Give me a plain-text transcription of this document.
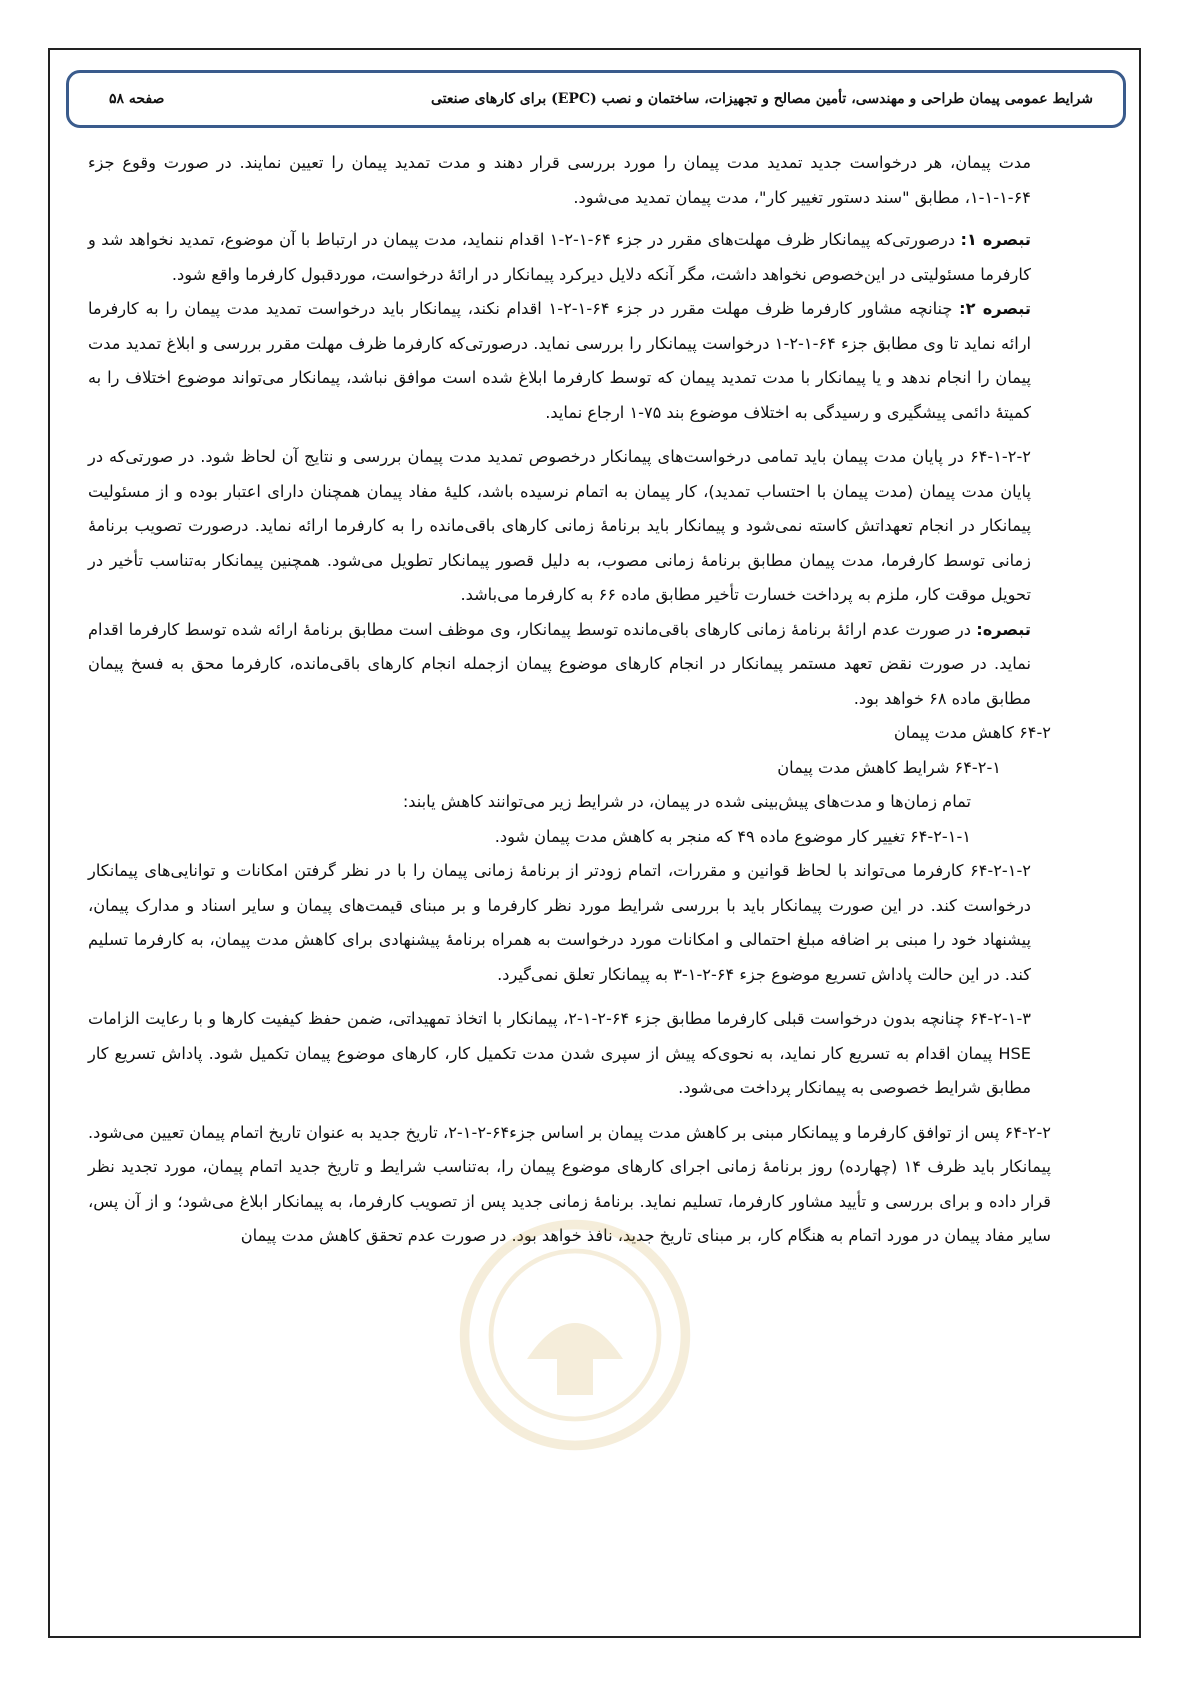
شرایط عمومی پیمان طراحی و مهندسی، تأمین مصالح و تجهیزات، ساختمان و نصب (EPC) برای کارهای صنعتی
صفحه ۵۸

مدت پیمان، هر درخواست جدید تمدید مدت پیمان را مورد بررسی قرار دهند و مدت تمدید پیمان را تعیین نمایند. در صورت وقوع جزء ۶۴-۱-۱-۱، مطابق "سند دستور تغییر کار"، مدت پیمان تمدید می‌شود.

تبصره ۱: درصورتی‌که پیمانکار ظرف مهلت‌های مقرر در جزء ۶۴-۱-۲-۱ اقدام ننماید، مدت پیمان در ارتباط با آن موضوع، تمدید نخواهد شد و کارفرما مسئولیتی در این‌خصوص نخواهد داشت، مگر آنکه دلایل دیرکرد پیمانکار در ارائهٔ درخواست، موردقبول کارفرما واقع شود.

تبصره ۲: چنانچه مشاور کارفرما ظرف مهلت مقرر در جزء ۶۴-۱-۲-۱ اقدام نکند، پیمانکار باید درخواست تمدید مدت پیمان را به کارفرما ارائه نماید تا وی مطابق جزء ۶۴-۱-۲-۱ درخواست پیمانکار را بررسی نماید. درصورتی‌که کارفرما ظرف مهلت مقرر بررسی و ابلاغ تمدید مدت پیمان را انجام ندهد و یا پیمانکار با مدت تمدید پیمان که توسط کارفرما ابلاغ شده است موافق نباشد، پیمانکار می‌تواند موضوع اختلاف را به کمیتهٔ دائمی پیشگیری و رسیدگی به اختلاف موضوع بند ۷۵-۱ ارجاع نماید.

۶۴-۱-۲-۲ در پایان مدت پیمان باید تمامی درخواست‌های پیمانکار درخصوص تمدید مدت پیمان بررسی و نتایج آن لحاظ شود. در صورتی‌که در پایان مدت پیمان (مدت پیمان با احتساب تمدید)، کار پیمان به اتمام نرسیده باشد، کلیهٔ مفاد پیمان همچنان دارای اعتبار بوده و از مسئولیت پیمانکار در انجام تعهداتش کاسته نمی‌شود و پیمانکار باید برنامهٔ زمانی کارهای باقی‌مانده را به کارفرما ارائه نماید. درصورت تصویب برنامهٔ زمانی توسط کارفرما، مدت پیمان مطابق برنامهٔ زمانی مصوب، به دلیل قصور پیمانکار تطویل می‌شود. همچنین پیمانکار به‌تناسب تأخیر در تحویل موقت کار، ملزم به پرداخت خسارت تأخیر مطابق ماده ۶۶ به کارفرما می‌باشد.

تبصره: در صورت عدم ارائهٔ برنامهٔ زمانی کارهای باقی‌مانده توسط پیمانکار، وی موظف است مطابق برنامهٔ ارائه شده توسط کارفرما اقدام نماید. در صورت نقض تعهد مستمر پیمانکار در انجام کارهای موضوع پیمان ازجمله انجام کارهای باقی‌مانده، کارفرما محق به فسخ پیمان مطابق ماده ۶۸ خواهد بود.

۶۴-۲ کاهش مدت پیمان

۶۴-۲-۱ شرایط کاهش مدت پیمان

تمام زمان‌ها و مدت‌های پیش‌بینی شده در پیمان، در شرایط زیر می‌توانند کاهش یابند:

۶۴-۲-۱-۱ تغییر کار موضوع ماده ۴۹ که منجر به کاهش مدت پیمان شود.

۶۴-۲-۱-۲ کارفرما می‌تواند با لحاظ قوانین و مقررات، اتمام زودتر از برنامهٔ زمانی پیمان را با در نظر گرفتن امکانات و توانایی‌های پیمانکار درخواست کند. در این صورت پیمانکار باید با بررسی شرایط مورد نظر کارفرما و بر مبنای قیمت‌های پیمان و سایر اسناد و مدارک پیمان، پیشنهاد خود را مبنی بر اضافه مبلغ احتمالی و امکانات مورد درخواست به همراه برنامهٔ پیشنهادی برای کاهش مدت پیمان، به کارفرما تسلیم کند. در این حالت پاداش تسریع موضوع جزء ۶۴-۲-۱-۳ به پیمانکار تعلق نمی‌گیرد.

۶۴-۲-۱-۳ چنانچه بدون درخواست قبلی کارفرما مطابق جزء ۶۴-۲-۱-۲، پیمانکار با اتخاذ تمهیداتی، ضمن حفظ کیفیت کارها و با رعایت الزامات HSE پیمان اقدام به تسریع کار نماید، به نحوی‌که پیش از سپری شدن مدت تکمیل کار، کارهای موضوع پیمان تکمیل شود. پاداش تسریع کار مطابق شرایط خصوصی به پیمانکار پرداخت می‌شود.

۶۴-۲-۲ پس از توافق کارفرما و پیمانکار مبنی بر کاهش مدت پیمان بر اساس جزء۶۴-۲-۱-۲، تاریخ جدید به عنوان تاریخ اتمام پیمان تعیین می‌شود. پیمانکار باید ظرف ۱۴ (چهارده) روز برنامهٔ زمانی اجرای کارهای موضوع پیمان را، به‌تناسب شرایط و تاریخ جدید اتمام پیمان، مورد تجدید نظر قرار داده و برای بررسی و تأیید مشاور کارفرما، تسلیم نماید. برنامهٔ زمانی جدید پس از تصویب کارفرما، به پیمانکار ابلاغ می‌شود؛ و از آن پس، سایر مفاد پیمان در مورد اتمام به هنگام کار، بر مبنای تاریخ جدید، نافذ خواهد بود. در صورت عدم تحقق کاهش مدت پیمان
